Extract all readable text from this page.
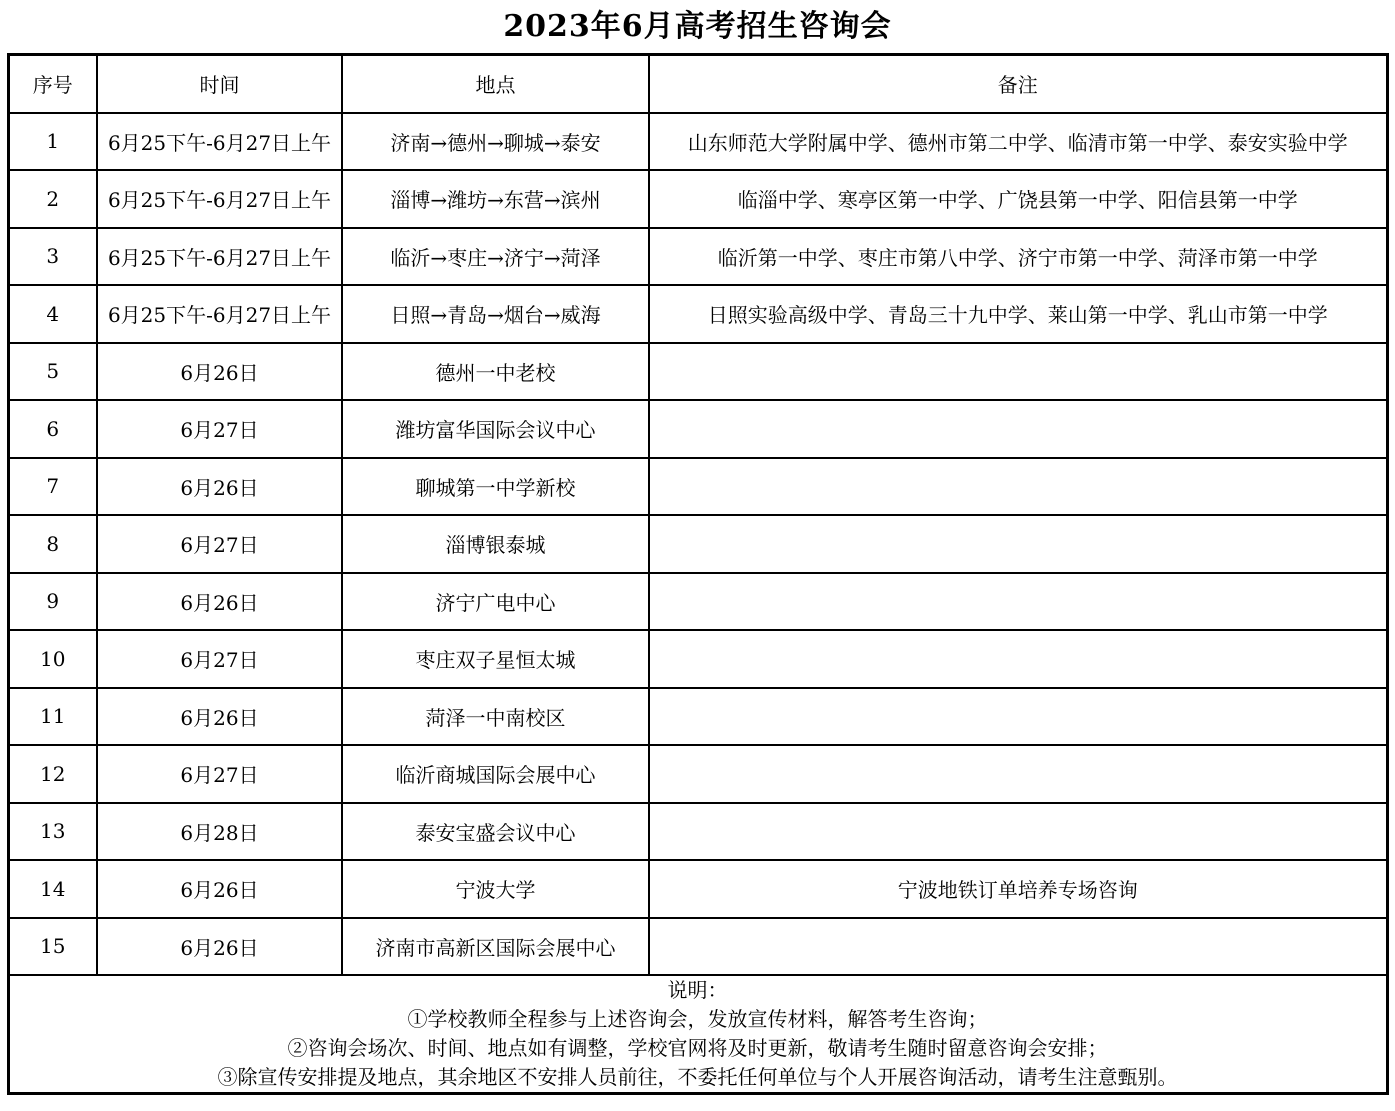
2023年6月高考招生咨询会
序号	时间	地点	备注
1	6月25下午-6月27日上午	济南→德州→聊城→泰安	山东师范大学附属中学、德州市第二中学、临清市第一中学、泰安实验中学
2	6月25下午-6月27日上午	淄博→潍坊→东营→滨州	临淄中学、寒亭区第一中学、广饶县第一中学、阳信县第一中学
3	6月25下午-6月27日上午	临沂→枣庄→济宁→菏泽	临沂第一中学、枣庄市第八中学、济宁市第一中学、菏泽市第一中学
4	6月25下午-6月27日上午	日照→青岛→烟台→威海	日照实验高级中学、青岛三十九中学、莱山第一中学、乳山市第一中学
5	6月26日	德州一中老校	
6	6月27日	潍坊富华国际会议中心	
7	6月26日	聊城第一中学新校	
8	6月27日	淄博银泰城	
9	6月26日	济宁广电中心	
10	6月27日	枣庄双子星恒太城	
11	6月26日	菏泽一中南校区	
12	6月27日	临沂商城国际会展中心	
13	6月28日	泰安宝盛会议中心	
14	6月26日	宁波大学	宁波地铁订单培养专场咨询
15	6月26日	济南市高新区国际会展中心	

说明：
①学校教师全程参与上述咨询会，发放宣传材料，解答考生咨询；
②咨询会场次、时间、地点如有调整，学校官网将及时更新，敬请考生随时留意咨询会安排；
③除宣传安排提及地点，其余地区不安排人员前往，不委托任何单位与个人开展咨询活动，请考生注意甄别。			
